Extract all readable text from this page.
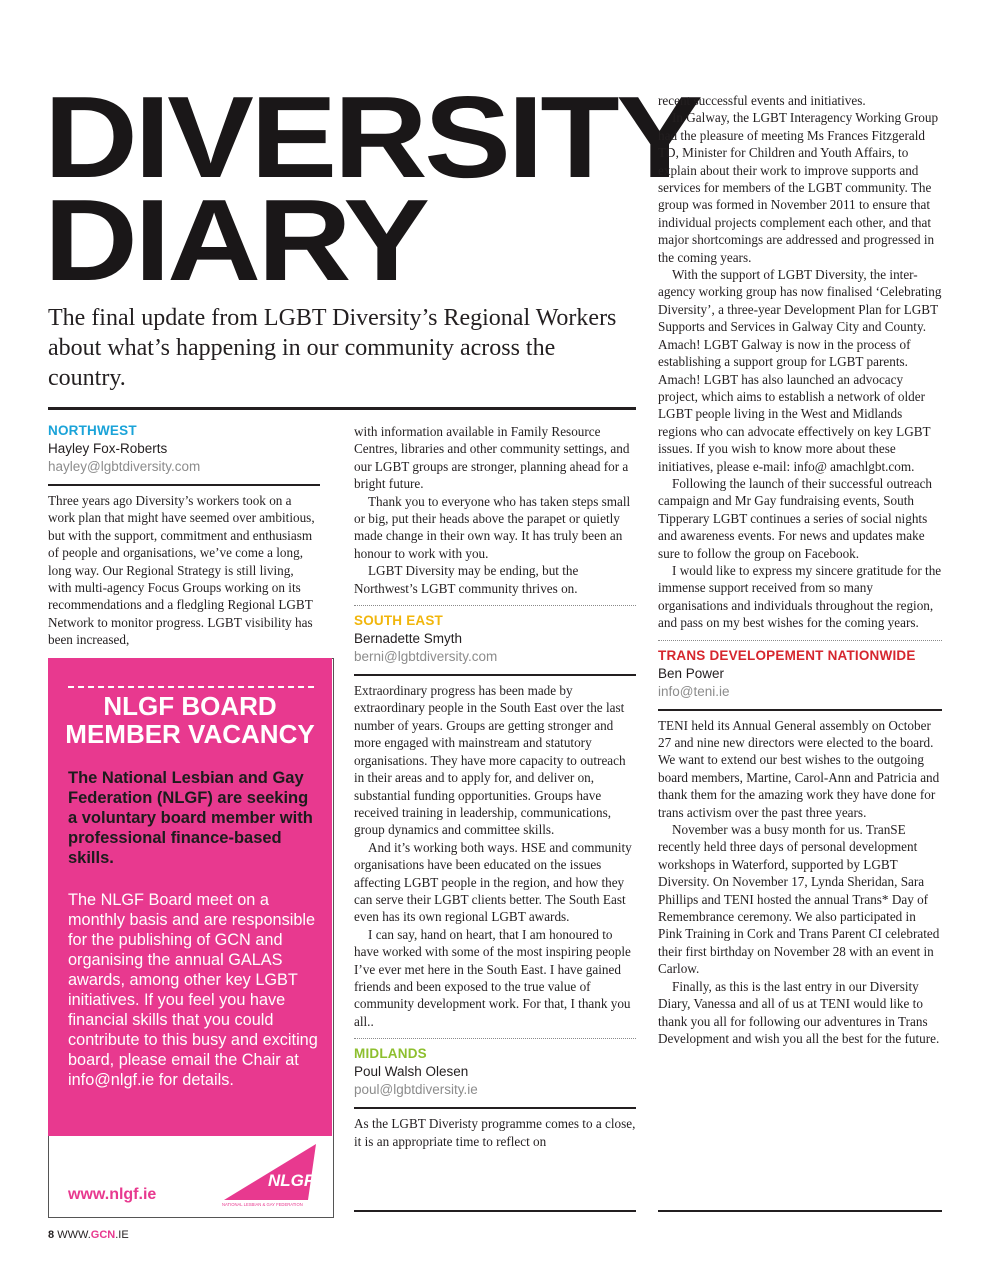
DIVERSITY
DIARY

The final update from LGBT Diversity’s Regional Workers about what’s happening in our community across the country.

NORTHWEST
Hayley Fox-Roberts
hayley@lgbtdiversity.com

Three years ago Diversity’s workers took on a work plan that might have seemed over ambitious, but with the support, commitment and enthusiasm of people and organisations, we’ve come a long, long way. Our Regional Strategy is still living, with multi-agency Focus Groups working on its recommendations and a fledgling Regional LGBT Network to monitor progress. LGBT visibility has been increased,

NLGF BOARD
MEMBER VACANCY

The National Lesbian and Gay Federation (NLGF) are seeking a voluntary board member with professional finance-based skills.

The NLGF Board meet on a monthly basis and are responsible for the publishing of GCN and organising the annual GALAS awards, among other key LGBT initiatives. If you feel you have financial skills that you could contribute to this busy and exciting board, please email the Chair at info@nlgf.ie for details.

www.nlgf.ie
NLGF
NATIONAL LESBIAN & GAY FEDERATION

with information available in Family Resource Centres, libraries and other community settings, and our LGBT groups are stronger, planning ahead for a bright future.

Thank you to everyone who has taken steps small or big, put their heads above the parapet or quietly made change in their own way. It has truly been an honour to work with you.

LGBT Diversity may be ending, but the Northwest’s LGBT community thrives on.

SOUTH EAST
Bernadette Smyth
berni@lgbtdiversity.com

Extraordinary progress has been made by extraordinary people in the South East over the last number of years. Groups are getting stronger and more engaged with mainstream and statutory organisations. They have more capacity to outreach in their areas and to apply for, and deliver on, substantial funding opportunities. Groups have received training in leadership, communications, group dynamics and committee skills.

And it’s working both ways. HSE and community organisations have been educated on the issues affecting LGBT people in the region, and how they can serve their LGBT clients better. The South East even has its own regional LGBT awards.

I can say, hand on heart, that I am honoured to have worked with some of the most inspiring people I’ve ever met here in the South East. I have gained friends and been exposed to the true value of community development work. For that, I thank you all..

MIDLANDS
Poul Walsh Olesen
poul@lgbtdiversity.ie

As the LGBT Diveristy programme comes to a close, it is an appropriate time to reflect on

recent successful events and initiatives.

In Galway, the LGBT Interagency Working Group had the pleasure of meeting Ms Frances Fitzgerald TD, Minister for Children and Youth Affairs, to explain about their work to improve supports and services for members of the LGBT community. The group was formed in November 2011 to ensure that individual projects complement each other, and that major shortcomings are addressed and progressed in the coming years.

With the support of LGBT Diversity, the inter-agency working group has now finalised ‘Celebrating Diversity’, a three-year Development Plan for LGBT Supports and Services in Galway City and County. Amach! LGBT Galway is now in the process of establishing a support group for LGBT parents. Amach! LGBT has also launched an advocacy project, which aims to establish a network of older LGBT people living in the West and Midlands regions who can advocate effectively on key LGBT issues. If you wish to know more about these initiatives, please e-mail: info@ amachlgbt.com.

Following the launch of their successful outreach campaign and Mr Gay fundraising events, South Tipperary LGBT continues a series of social nights and awareness events. For news and updates make sure to follow the group on Facebook.

I would like to express my sincere gratitude for the immense support received from so many organisations and individuals throughout the region, and pass on my best wishes for the coming years.

TRANS DEVELOPEMENT NATIONWIDE
Ben Power
info@teni.ie

TENI held its Annual General assembly on October 27 and nine new directors were elected to the board. We want to extend our best wishes to the outgoing board members, Martine, Carol-Ann and Patricia and thank them for the amazing work they have done for trans activism over the past three years.

November was a busy month for us. TranSE recently held three days of personal development workshops in Waterford, supported by LGBT Diversity. On November 17, Lynda Sheridan, Sara Phillips and TENI hosted the annual Trans* Day of Remembrance ceremony. We also participated in Pink Training in Cork and Trans Parent CI celebrated their first birthday on November 28 with an event in Carlow.

Finally, as this is the last entry in our Diversity Diary, Vanessa and all of us at TENI would like to thank you all for following our adventures in Trans Development and wish you all the best for the future.

8 WWW.GCN.IE
